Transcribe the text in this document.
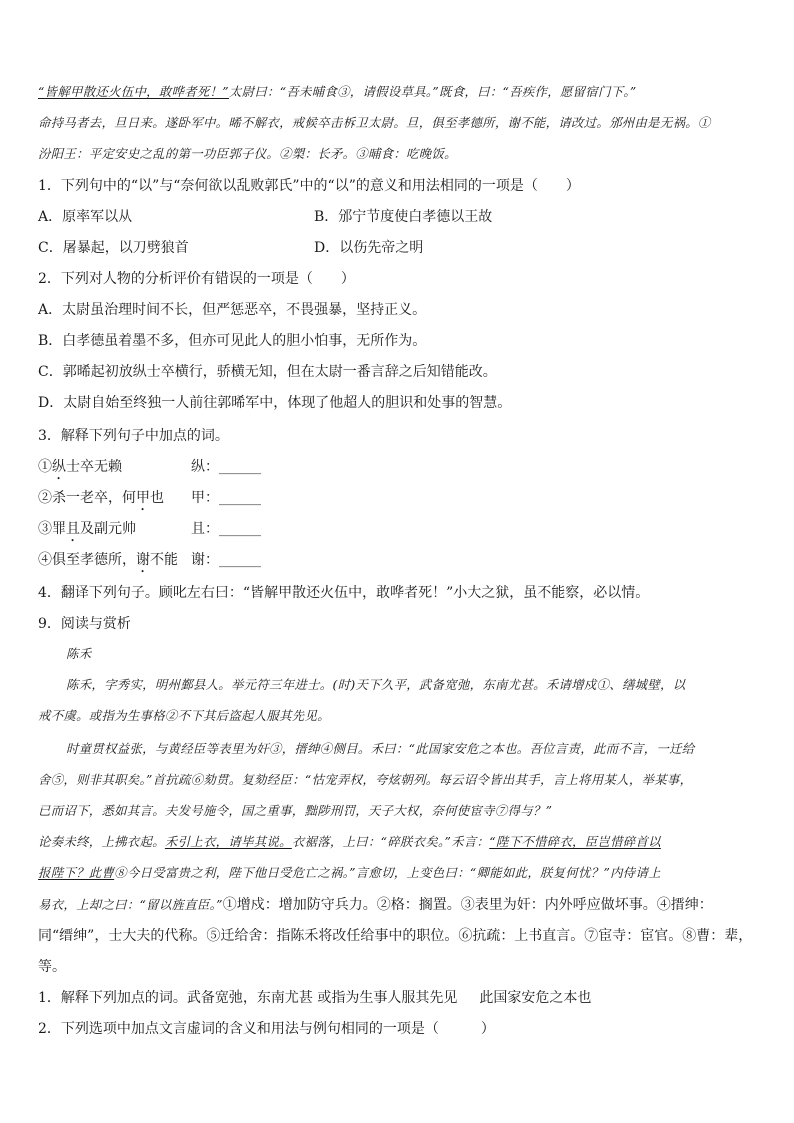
“皆解甲散还火伍中，敢哗者死！”太尉曰：“吾未晡食③，请假设草具。”既食，曰：“吾疾作，愿留宿门下。”
命持马者去，旦日来。遂卧军中。晞不解衣，戒候卒击柝卫太尉。旦，俱至孝德所，谢不能，请改过。邠州由是无祸。①
汾阳王：平定安史之乱的第一功臣郭子仪。②槊：长矛。③晡食：吃晚饭。
1．下列句中的“以”与“奈何欲以乱败郭氏”中的“以”的意义和用法相同的一项是（　　）
A．原率军以从	B．邠宁节度使白孝德以王故
C．屠暴起，以刀劈狼首	D．以伤先帝之明
2．下列对人物的分析评价有错误的一项是（　　）
A．太尉虽治理时间不长，但严惩恶卒，不畏强暴，坚持正义。
B．白孝德虽着墨不多，但亦可见此人的胆小怕事，无所作为。
C．郭晞起初放纵士卒横行，骄横无知，但在太尉一番言辞之后知错能改。
D．太尉自始至终独一人前往郭晞军中，体现了他超人的胆识和处事的智慧。
3．解释下列句子中加点的词。
①纵士卒无赖	纵：______
②杀一老卒，何甲也 甲：______
③罪且及副元帅	且：______
④俱至孝德所，谢不能 谢：______
4．翻译下列句子。顾叱左右曰：“皆解甲散还火伍中，敢哗者死！”小大之狱，虽不能察，必以情。
9．阅读与赏析
陈禾
陈禾，字秀实，明州鄞县人。举元符三年进士。(时)天下久平，武备宽弛，东南尤甚。禾请增戍①、缮城壁，以
戒不虞。或指为生事格②不下其后盗起人服其先见。
时童贯权益张，与黄经臣等表里为奸③，搢绅④侧目。禾曰：“此国家安危之本也。吾位言责，此而不言，一迁给
舍⑤，则非其职矣。”首抗疏⑥劾贯。复劾经臣：“怙宠弄权，夸炫朝列。每云诏令皆出其手，言上将用某人，举某事，
已而诏下，悉如其言。夫发号施令，国之重事，黜陟刑罚，天子大权，奈何使宦寺⑦得与？”
论奏未终，上拂衣起。禾引上衣，请毕其说。衣裾落，上曰：“碎朕衣矣。”禾言：“陛下不惜碎衣，臣岂惜碎首以
报陛下？此曹⑧今日受富贵之利，陛下他日受危亡之祸。”言愈切，上变色曰：“卿能如此，朕复何忧？”内侍请上
易衣，上却之曰：“留以旌直臣。”①增戍：增加防守兵力。②格：搁置。③表里为奸：内外呼应做坏事。④搢绅：
同“缙绅”，士大夫的代称。⑤迁给舍：指陈禾将改任给事中的职位。⑥抗疏：上书直言。⑦宦寺：宦官。⑧曹：辈，
等。
1．解释下列加点的词。武备宽弛，东南尤甚 或指为生事人服其先见 此国家安危之本也
2．下列选项中加点文言虚词的含义和用法与例句相同的一项是（　　　）
